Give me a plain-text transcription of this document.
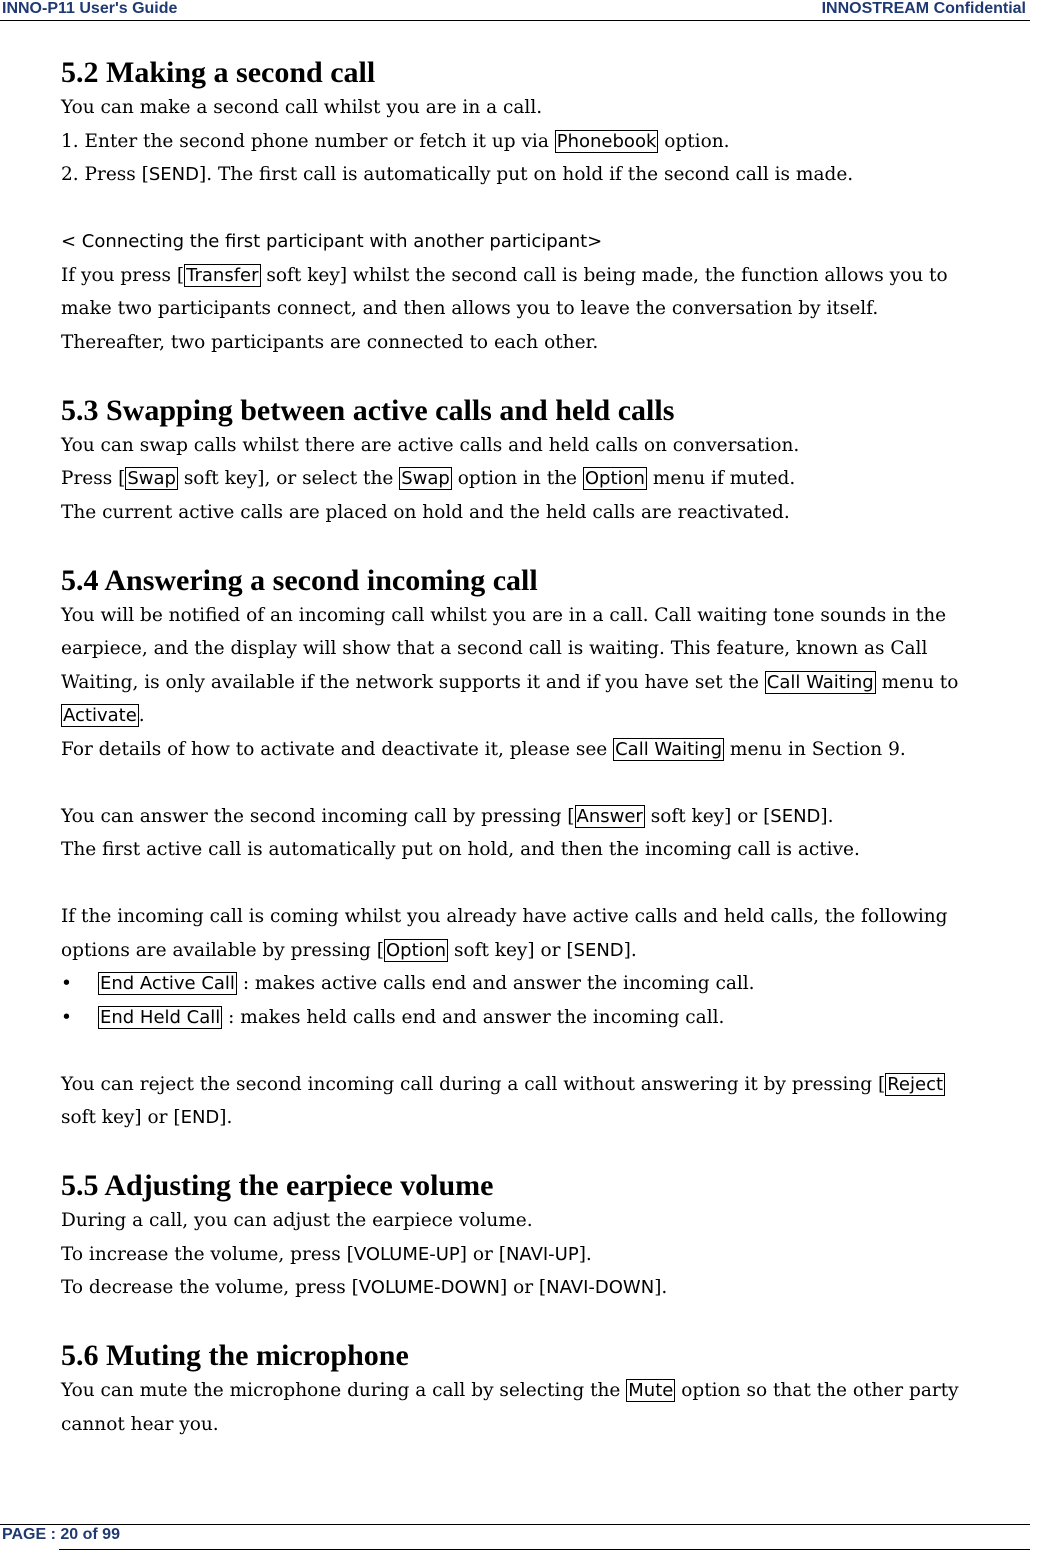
INNO-P11 User's Guide	INNOSTREAM Confidential
5.2 Making a second call

You can make a second call whilst you are in a call.

1. Enter the second phone number or fetch it up via Phonebook option.

2. Press [SEND]. The first call is automatically put on hold if the second call is made.

< Connecting the first participant with another participant>

If you press [ Transfer soft key] whilst the second call is being made, the function allows you to

make two participants connect, and then allows you to leave the conversation by itself.

Thereafter, two participants are connected to each other.

5.3 Swapping between active calls and held calls

You can swap calls whilst there are active calls and held calls on conversation.

Press [ Swap soft key], or select the Swap option in the Option menu if muted.

The current active calls are placed on hold and the held calls are reactivated.

5.4 Answering a second incoming call

You will be notified of an incoming call whilst you are in a call. Call waiting tone sounds in the

earpiece, and the display will show that a second call is waiting. This feature, known as Call

Waiting, is only available if the network supports it and if you have set the Call Waiting menu to

Activate .

For details of how to activate and deactivate it, please see Call Waiting menu in Section 9.

You can answer the second incoming call by pressing [ Answer soft key] or [SEND].

The first active call is automatically put on hold, and then the incoming call is active.

If the incoming call is coming whilst you already have active calls and held calls, the following

options are available by pressing [ Option soft key] or [SEND].

• End Active Call : makes active calls end and answer the incoming call.

• End Held Call : makes held calls end and answer the incoming call.

You can reject the second incoming call during a call without answering it by pressing [ Reject

soft key] or [END].

5.5 Adjusting the earpiece volume

During a call, you can adjust the earpiece volume.

To increase the volume, press [VOLUME-UP] or [NAVI-UP].

To decrease the volume, press [VOLUME-DOWN] or [NAVI-DOWN].

5.6 Muting the microphone

You can mute the microphone during a call by selecting the Mute option so that the other party

cannot hear you.

PAGE : 20 of 99
